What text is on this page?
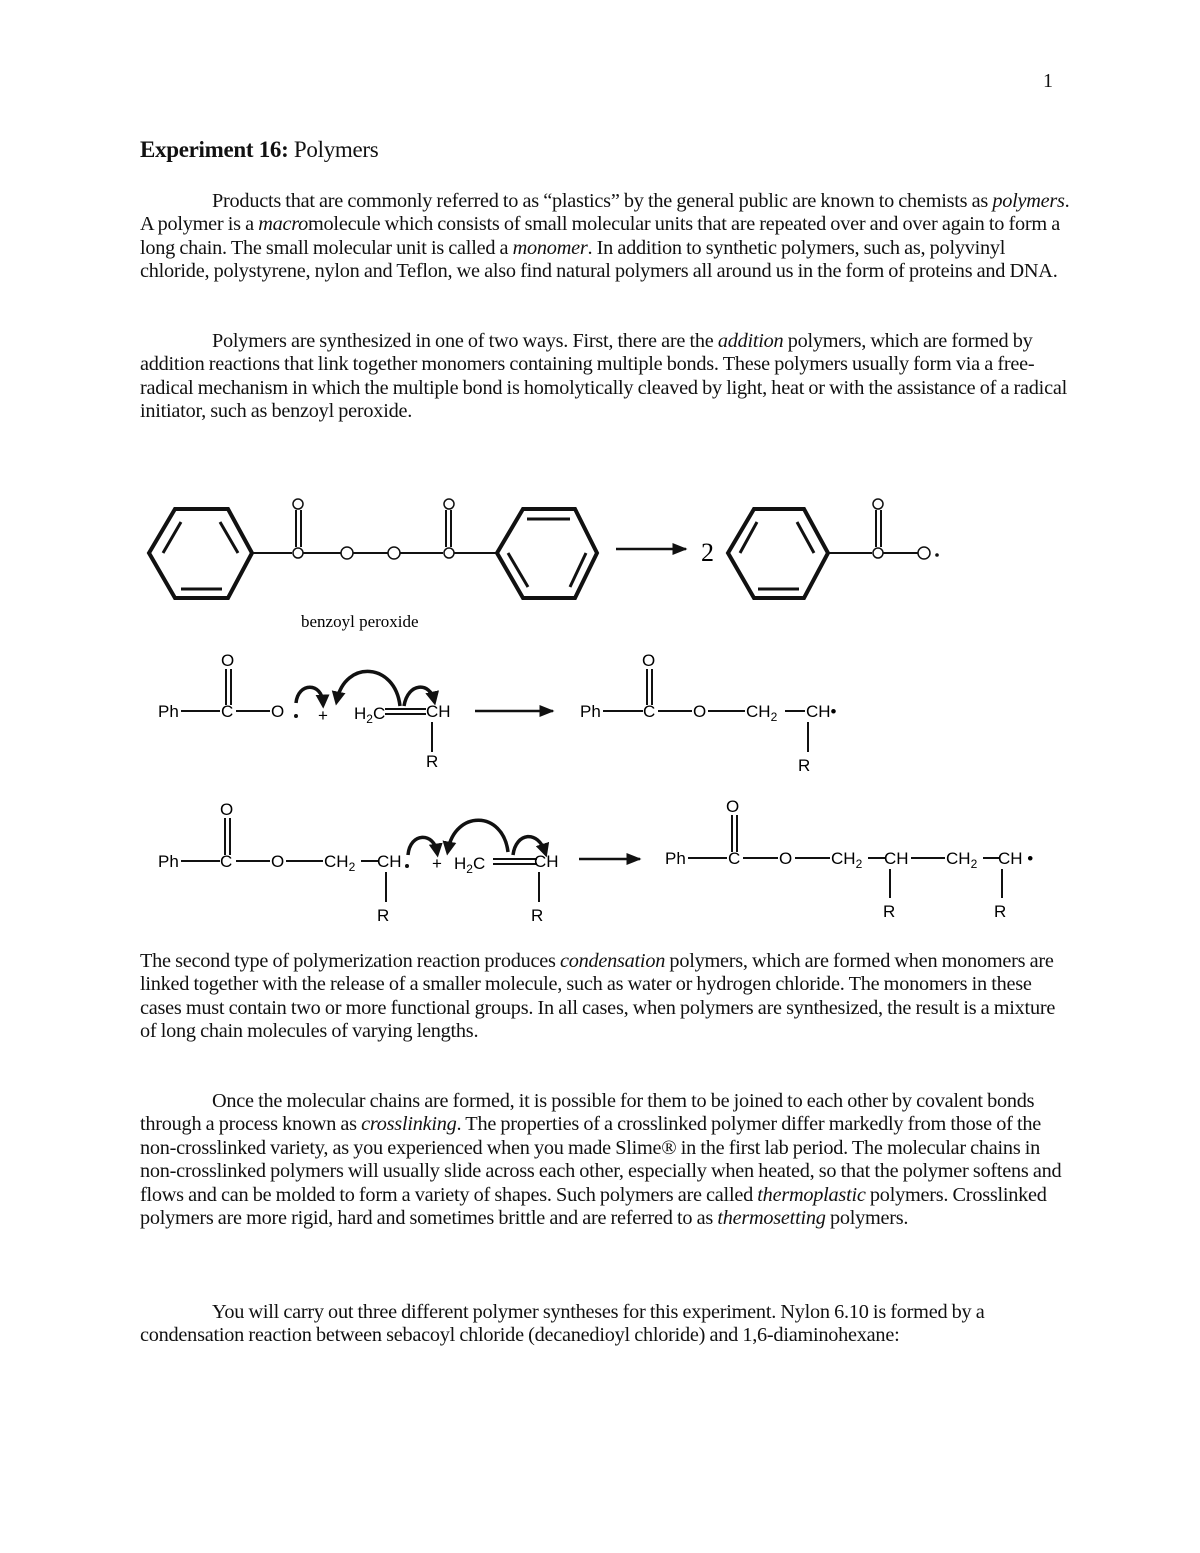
1
Experiment 16: Polymers

Products that are commonly referred to as “plastics” by the general public are known to chemists as polymers. A polymer is a macromolecule which consists of small molecular units that are repeated over and over again to form a long chain. The small molecular unit is called a monomer. In addition to synthetic polymers, such as, polyvinyl chloride, polystyrene, nylon and Teflon, we also find natural polymers all around us in the form of proteins and DNA.

Polymers are synthesized in one of two ways. First, there are the addition polymers, which are formed by addition reactions that link together monomers containing multiple bonds. These polymers usually form via a free-radical mechanism in which the multiple bond is homolytically cleaved by light, heat or with the assistance of a radical initiator, such as benzoyl peroxide.

benzoyl peroxide
2
Ph C
O
$O + H_2C$ CH
R
Ph C
O
O $CH_2$ CH•
R
Ph C
O
O $CH_2$ CH
R
+ $H_2C$	CH
R
Ph C
O
O $CH_2$ CH
R
$CH_2$ CH •
R

The second type of polymerization reaction produces condensation polymers, which are formed when monomers are linked together with the release of a smaller molecule, such as water or hydrogen chloride. The monomers in these cases must contain two or more functional groups. In all cases, when polymers are synthesized, the result is a mixture of long chain molecules of varying lengths.

Once the molecular chains are formed, it is possible for them to be joined to each other by covalent bonds through a process known as crosslinking. The properties of a crosslinked polymer differ markedly from those of the non-crosslinked variety, as you experienced when you made Slime® in the first lab period. The molecular chains in non-crosslinked polymers will usually slide across each other, especially when heated, so that the polymer softens and flows and can be molded to form a variety of shapes. Such polymers are called thermoplastic polymers. Crosslinked polymers are more rigid, hard and sometimes brittle and are referred to as thermosetting polymers.

You will carry out three different polymer syntheses for this experiment. Nylon 6.10 is formed by a condensation reaction between sebacoyl chloride (decanedioyl chloride) and 1,6-diaminohexane:
